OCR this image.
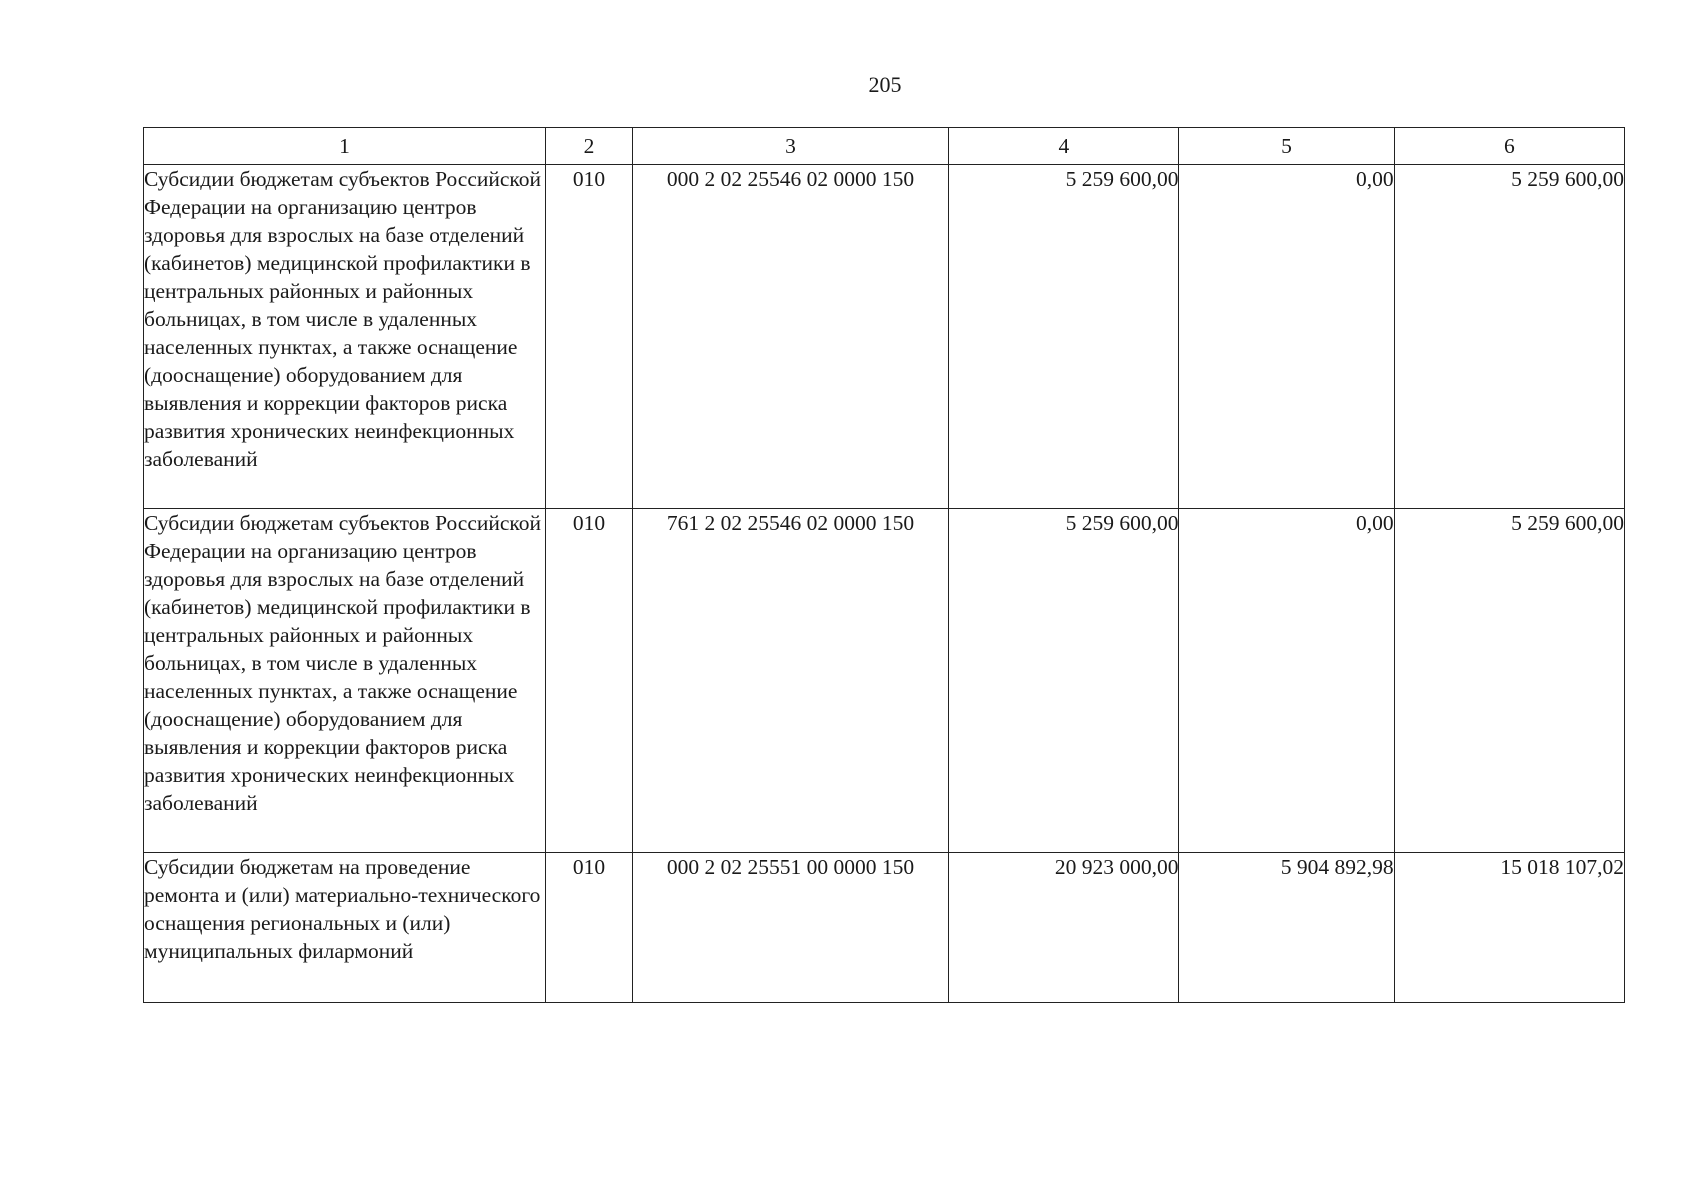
205
1	2	3	4	5	6
Субсидии бюджетам субъектов Российской Федерации на организацию центров здоровья для взрослых на базе отделений (кабинетов) медицинской профилактики в центральных районных и районных больницах, в том числе в удаленных населенных пунктах, а также оснащение (дооснащение) оборудованием для выявления и коррекции факторов риска развития хронических неинфекционных заболеваний	010	000 2 02 25546 02 0000 150	5 259 600,00	0,00	5 259 600,00
Субсидии бюджетам субъектов Российской Федерации на организацию центров здоровья для взрослых на базе отделений (кабинетов) медицинской профилактики в центральных районных и районных больницах, в том числе в удаленных населенных пунктах, а также оснащение (дооснащение) оборудованием для выявления и коррекции факторов риска развития хронических неинфекционных заболеваний	010	761 2 02 25546 02 0000 150	5 259 600,00	0,00	5 259 600,00
Субсидии бюджетам на проведение ремонта и (или) материально-технического оснащения региональных и (или) муниципальных филармоний	010	000 2 02 25551 00 0000 150	20 923 000,00	5 904 892,98	15 018 107,02
